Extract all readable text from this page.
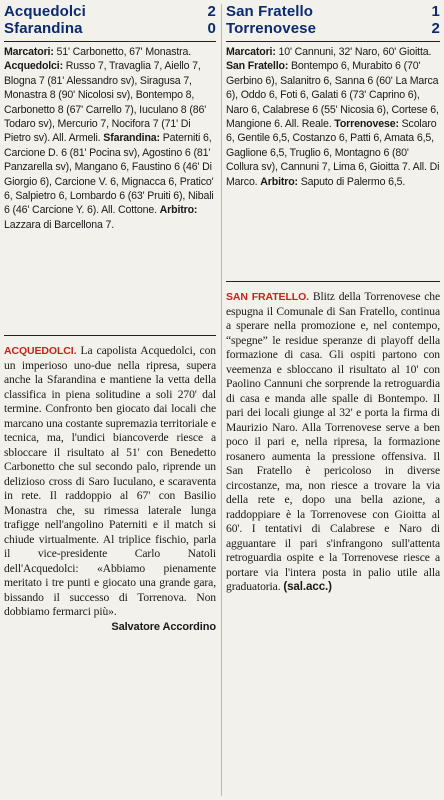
Acquedolci	2
Sfarandina	0

Marcatori: 51' Carbonetto, 67' Monastra. Acquedolci: Russo 7, Travaglia 7, Aiello 7, Blogna 7 (81' Alessandro sv), Siragusa 7, Monastra 8 (90' Nicolosi sv), Bontempo 8, Carbonetto 8 (67' Carrello 7), Iuculano 8 (86' Todaro sv), Mercurio 7, Nocifora 7 (71' Di Pietro sv). All. Armeli. Sfarandina: Paterniti 6, Carcione D. 6 (81' Pocina sv), Agostino 6 (81' Panzarella sv), Mangano 6, Faustino 6 (46' Di Giorgio 6), Carcione V. 6, Mignacca 6, Pratico' 6, Salpietro 6, Lombardo 6 (63' Pruiti 6), Nibali 6 (46' Carcione Y. 6). All. Cottone. Arbitro: Lazzara di Barcellona 7.

ACQUEDOLCI. La capolista Acquedolci, con un imperioso uno-due nella ripresa, supera anche la Sfarandina e mantiene la vetta della classifica in piena solitudine a soli 270' dal termine. Confronto ben giocato dai locali che marcano una costante supremazia territoriale e tecnica, ma, l'undici biancoverde riesce a sbloccare il risultato al 51' con Benedetto Carbonetto che sul secondo palo, riprende un delizioso cross di Saro Iuculano, e scaraventa in rete. Il raddoppio al 67' con Basilio Monastra che, su rimessa laterale lunga trafigge nell'angolino Paterniti e il match si chiude virtualmente. Al triplice fischio, parla il vice-presidente Carlo Natoli dell'Acquedolci: «Abbiamo pienamente meritato i tre punti e giocato una grande gara, bissando il successo di Torrenova. Non dobbiamo fermarci più».
Salvatore Accordino
San Fratello	1
Torrenovese	2

Marcatori: 10' Cannuni, 32' Naro, 60' Gioitta. San Fratello: Bontempo 6, Murabito 6 (70' Gerbino 6), Salanitro 6, Sanna 6 (60' La Marca 6), Oddo 6, Foti 6, Galati 6 (73' Caprino 6), Naro 6, Calabrese 6 (55' Nicosia 6), Cortese 6, Mangione 6. All. Reale. Torrenovese: Scolaro 6, Gentile 6,5, Costanzo 6, Patti 6, Amata 6,5, Gaglione 6,5, Truglio 6, Montagno 6 (80' Collura sv), Cannuni 7, Lima 6, Gioitta 7. All. Di Marco. Arbitro: Saputo di Palermo 6,5.

SAN FRATELLO. Blitz della Torrenovese che espugna il Comunale di San Fratello, continua a sperare nella promozione e, nel contempo, “spegne” le residue speranze di playoff della formazione di casa. Gli ospiti partono con veemenza e sbloccano il risultato al 10' con Paolino Cannuni che sorprende la retroguardia di casa e manda alle spalle di Bontempo. Il pari dei locali giunge al 32' e porta la firma di Maurizio Naro. Alla Torrenovese serve a ben poco il pari e, nella ripresa, la formazione rosanero aumenta la pressione offensiva. Il San Fratello è pericoloso in diverse circostanze, ma, non riesce a trovare la via della rete e, dopo una bella azione, a raddoppiare è la Torrenovese con Gioitta al 60'. I tentativi di Calabrese e Naro di agguantare il pari s'infrangono sull'attenta retroguardia ospite e la Torrenovese riesce a portare via l'intera posta in palio utile alla graduatoria. (sal.acc.)
